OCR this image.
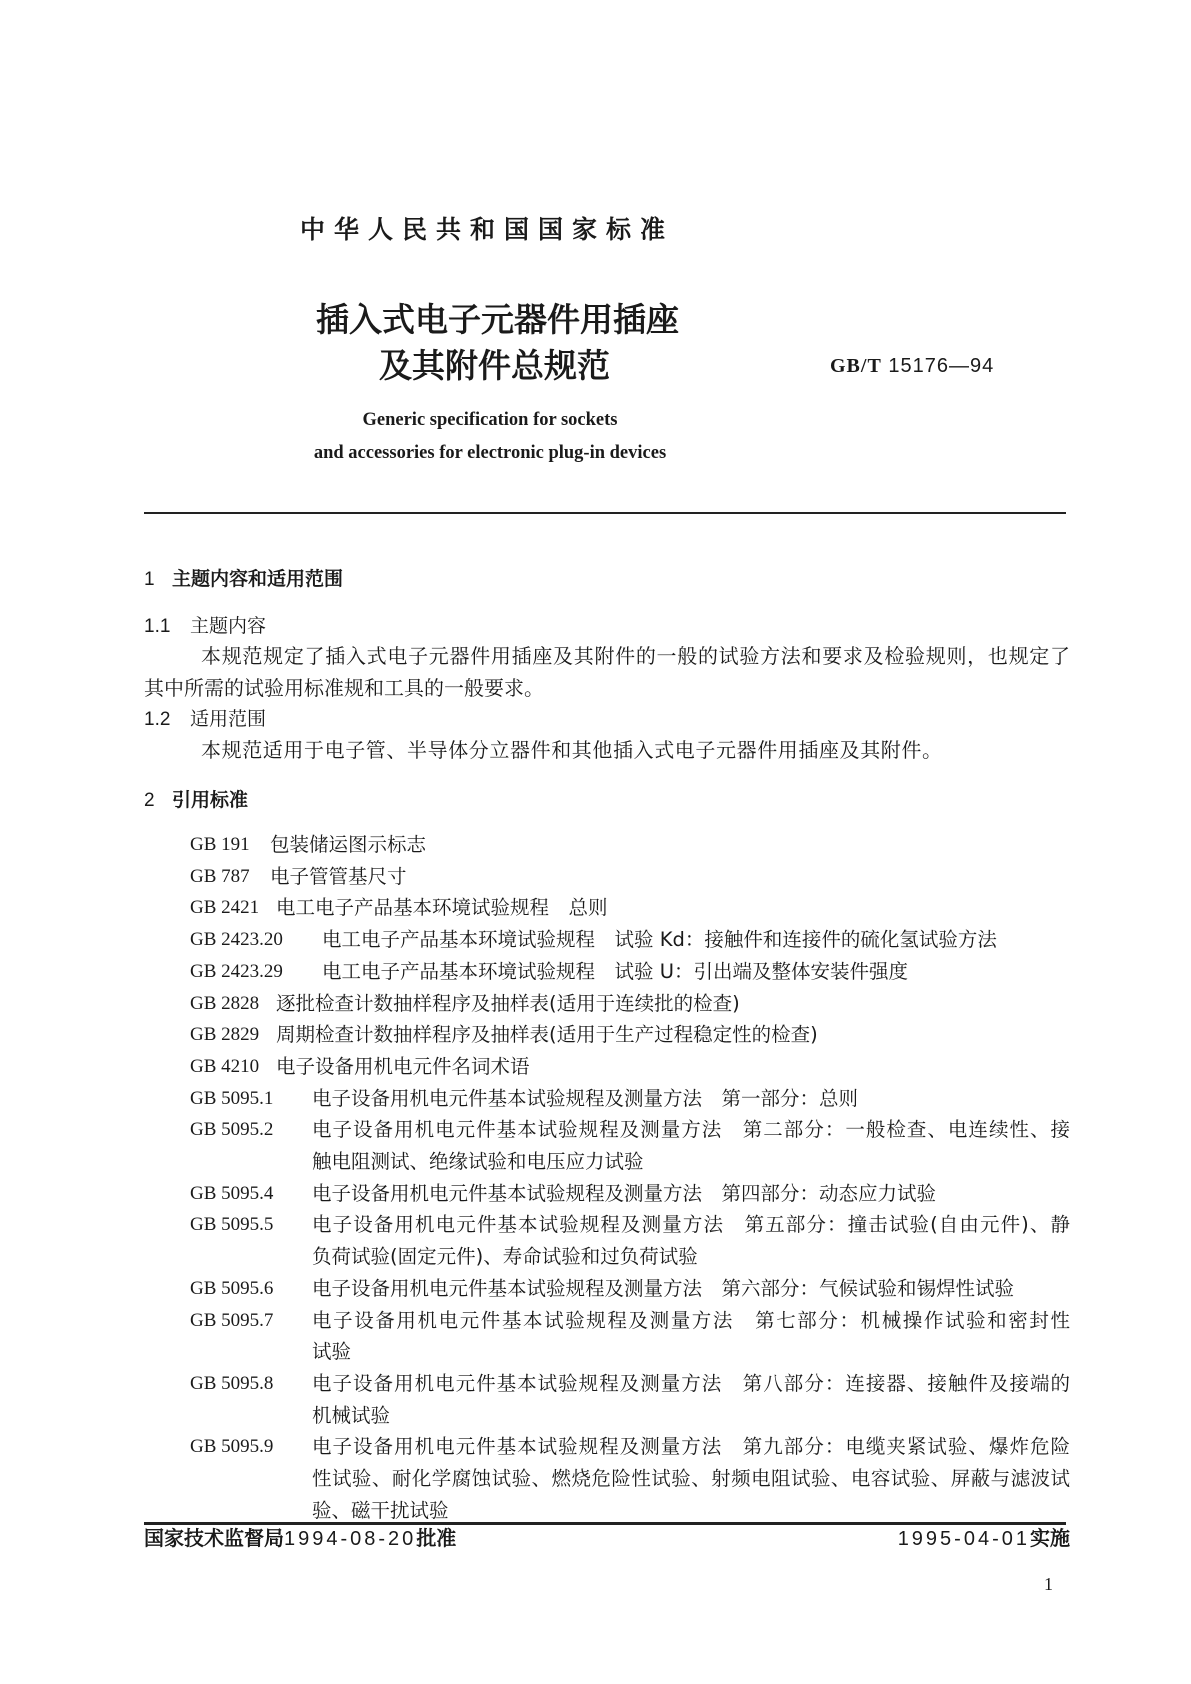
中华人民共和国国家标准
插入式电子元器件用插座
及其附件总规范	GB/T 15176—94
Generic specification for sockets
and accessories for electronic plug-in devices
1 主题内容和适用范围
1.1 主题内容
本规范规定了插入式电子元器件用插座及其附件的一般的试验方法和要求及检验规则，也规定了
其中所需的试验用标准规和工具的一般要求。
1.2 适用范围
本规范适用于电子管、半导体分立器件和其他插入式电子元器件用插座及其附件。
2 引用标准
GB 191 包装储运图示标志
GB 787 电子管管基尺寸
GB 2421 电工电子产品基本环境试验规程　总则
GB 2423.20 电工电子产品基本环境试验规程　试验 Kd：接触件和连接件的硫化氢试验方法
GB 2423.29 电工电子产品基本环境试验规程　试验 U：引出端及整体安装件强度
GB 2828 逐批检查计数抽样程序及抽样表(适用于连续批的检查)
GB 2829 周期检查计数抽样程序及抽样表(适用于生产过程稳定性的检查)
GB 4210 电子设备用机电元件名词术语
GB 5095.1 电子设备用机电元件基本试验规程及测量方法　第一部分：总则
GB 5095.2 电子设备用机电元件基本试验规程及测量方法　第二部分：一般检查、电连续性、接
触电阻测试、绝缘试验和电压应力试验
GB 5095.4 电子设备用机电元件基本试验规程及测量方法　第四部分：动态应力试验
GB 5095.5 电子设备用机电元件基本试验规程及测量方法　第五部分：撞击试验(自由元件)、静
负荷试验(固定元件)、寿命试验和过负荷试验
GB 5095.6 电子设备用机电元件基本试验规程及测量方法　第六部分：气候试验和锡焊性试验
GB 5095.7 电子设备用机电元件基本试验规程及测量方法　第七部分：机械操作试验和密封性
试验
GB 5095.8 电子设备用机电元件基本试验规程及测量方法　第八部分：连接器、接触件及接端的
机械试验
GB 5095.9 电子设备用机电元件基本试验规程及测量方法　第九部分：电缆夹紧试验、爆炸危险
性试验、耐化学腐蚀试验、燃烧危险性试验、射频电阻试验、电容试验、屏蔽与滤波试
验、磁干扰试验
国家技术监督局1994-08-20批准	1995-04-01实施
1
